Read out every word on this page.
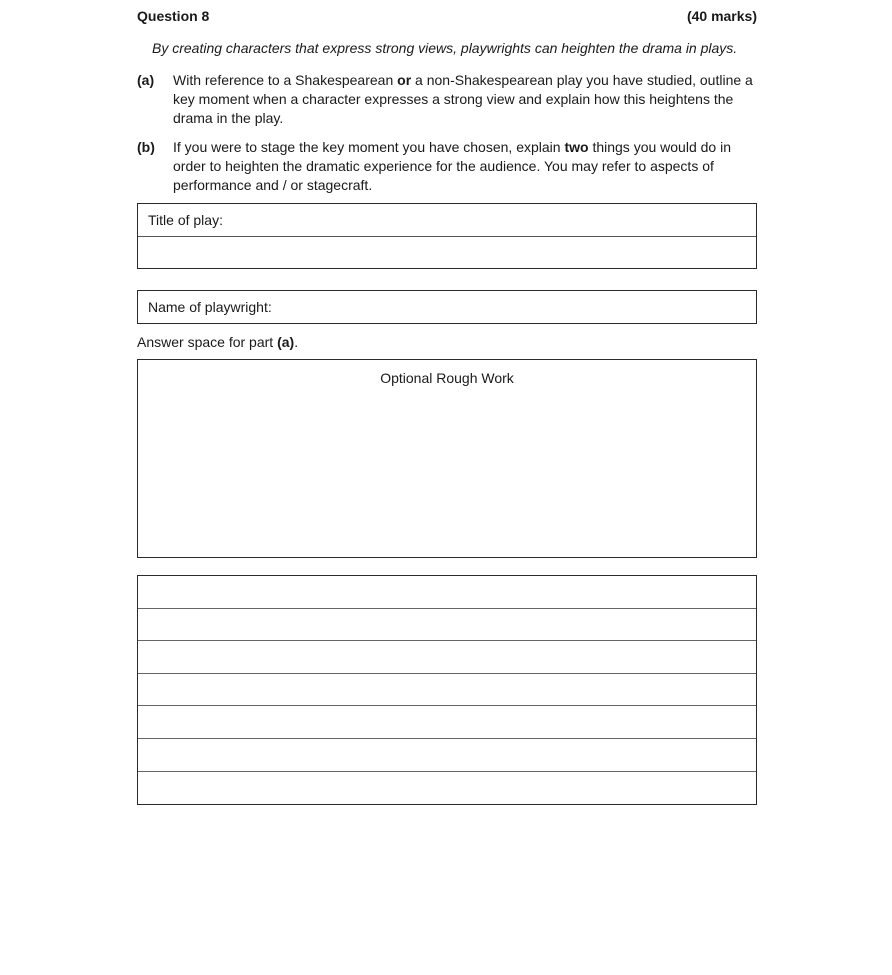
Question 8	(40 marks)
By creating characters that express strong views, playwrights can heighten the drama in plays.
(a) With reference to a Shakespearean or a non-Shakespearean play you have studied, outline a key moment when a character expresses a strong view and explain how this heightens the drama in the play.
(b) If you were to stage the key moment you have chosen, explain two things you would do in order to heighten the dramatic experience for the audience. You may refer to aspects of performance and / or stagecraft.
Title of play:
Name of playwright:
Answer space for part (a).
Optional Rough Work
